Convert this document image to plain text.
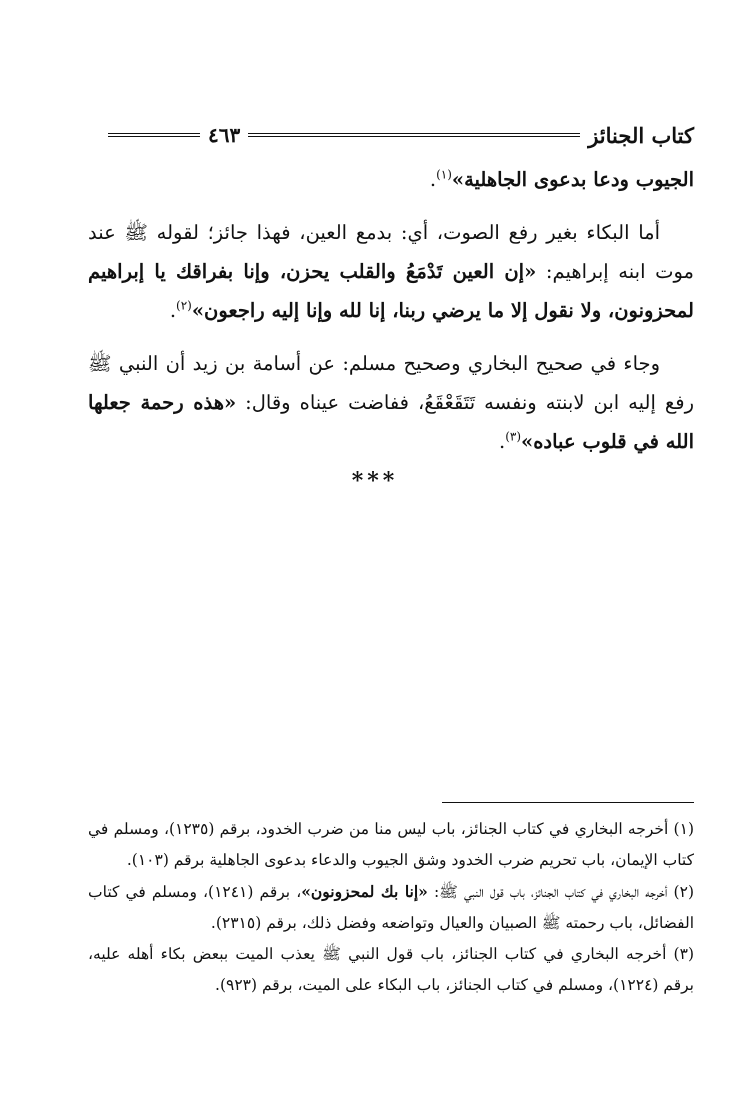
كتاب الجنائز
٤٦٣

الجيوب ودعا بدعوى الجاهلية»$^{(١)}$.

أما البكاء بغير رفع الصوت، أي: بدمع العين، فهذا جائز؛ لقوله ﷺ عند موت ابنه إبراهيم: «إن العين تَدْمَعُ والقلب يحزن، وإنا بفراقك يا إبراهيم لمحزونون، ولا نقول إلا ما يرضي ربنا، إنا لله وإنا إليه راجعون»$^{(٢)}$.

وجاء في صحيح البخاري وصحيح مسلم: عن أسامة بن زيد أن النبي ﷺ رفع إليه ابن لابنته ونفسه تَتَقَعْقَعُ، ففاضت عيناه وقال: «هذه رحمة جعلها الله في قلوب عباده»$^{(٣)}$.

***
(١) أخرجه البخاري في كتاب الجنائز، باب ليس منا من ضرب الخدود، برقم (١٢٣٥)، ومسلم في كتاب الإيمان، باب تحريم ضرب الخدود وشق الجيوب والدعاء بدعوى الجاهلية برقم (١٠٣).
(٢) أخرجه البخاري في كتاب الجنائز، باب قول النبي ﷺ: «إنا بك لمحزونون»، برقم (١٢٤١)، ومسلم في كتاب الفضائل، باب رحمته ﷺ الصبيان والعيال وتواضعه وفضل ذلك، برقم (٢٣١٥).
(٣) أخرجه البخاري في كتاب الجنائز، باب قول النبي ﷺ يعذب الميت ببعض بكاء أهله عليه، برقم (١٢٢٤)، ومسلم في كتاب الجنائز، باب البكاء على الميت، برقم (٩٢٣).
